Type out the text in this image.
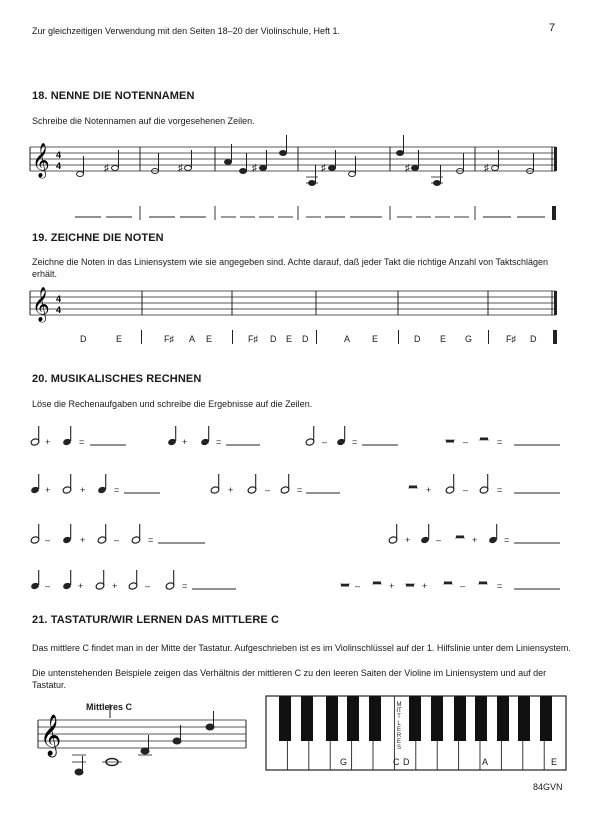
Zur gleichzeitigen Verwendung mit den Seiten 18–20 der Violinschule, Heft 1.	7
18. NENNE DIE NOTENNAMEN
Schreibe die Notennamen auf die vorgesehenen Zeilen.
𝄞 4
4	♯	♯	♯	♯	♯	♯
19. ZEICHNE DIE NOTEN
Zeichne die Noten in das Liniensystem wie sie angegeben sind. Achte darauf, daß jeder Takt die richtige Anzahl von Taktschlägen erhält.
𝄞 4
4
D	E	F♯ A E	F♯ D E D	A E	D E G	F♯ D
20. MUSIKALISCHES RECHNEN
Löse die Rechenaufgaben und schreibe die Ergebnisse auf die Zeilen.
+	=	+	=	–	=	–	=
+	+	=	+	–	=	+	–	=
–	+	–	=	+	–	+	=
–	+	+	–	=	–	+	+	–	=
21. TASTATUR/WIR LERNEN DAS MITTLERE C
Das mittlere C findet man in der Mitte der Tastatur. Aufgeschrieben ist es im Violinschlüssel auf der 1. Hilfslinie unter dem Liniensystem.
Die untenstehenden Beispiele zeigen das Verhältnis der mittleren C zu den leeren Saiten der Violine im Liniensystem und auf der Tastatur.
Mittleres C
𝄞
MITTLERES
G	C D	A	E
84GVN
